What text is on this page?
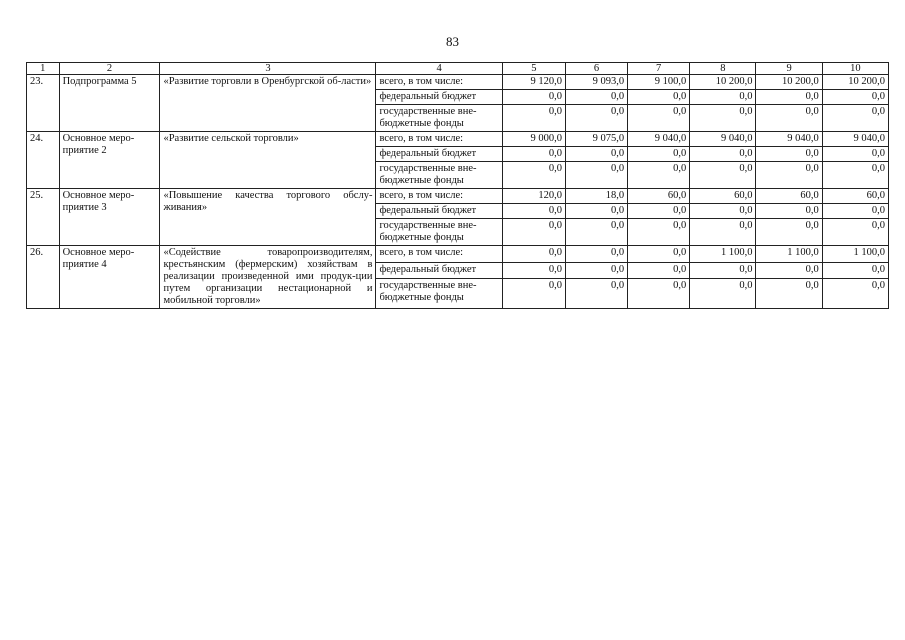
83
1	2	3	4	5	6	7	8	9	10
23.	Подпрограмма 5	«Развитие торговли в Оренбургской об-ласти»	всего, в том числе:	9 120,0	9 093,0	9 100,0	10 200,0	10 200,0	10 200,0
			федеральный бюджет	0,0	0,0	0,0	0,0	0,0	0,0
			государственные вне-бюджетные фонды	0,0	0,0	0,0	0,0	0,0	0,0
24.	Основное меро-приятие 2	«Развитие сельской торговли»	всего, в том числе:	9 000,0	9 075,0	9 040,0	9 040,0	9 040,0	9 040,0
			федеральный бюджет	0,0	0,0	0,0	0,0	0,0	0,0
			государственные вне-бюджетные фонды	0,0	0,0	0,0	0,0	0,0	0,0
25.	Основное меро-приятие 3	«Повышение качества торгового обслу-живания»	всего, в том числе:	120,0	18,0	60,0	60,0	60,0	60,0
			федеральный бюджет	0,0	0,0	0,0	0,0	0,0	0,0
			государственные вне-бюджетные фонды	0,0	0,0	0,0	0,0	0,0	0,0
26.	Основное меро-приятие 4	«Содействие товаропроизводителям, крестьянским (фермерским) хозяйствам в реализации произведенной ими продук-ции путем организации нестационарной и мобильной торговли»	всего, в том числе:	0,0	0,0	0,0	1 100,0	1 100,0	1 100,0
			федеральный бюджет	0,0	0,0	0,0	0,0	0,0	0,0
			государственные вне-бюджетные фонды	0,0	0,0	0,0	0,0	0,0	0,0
